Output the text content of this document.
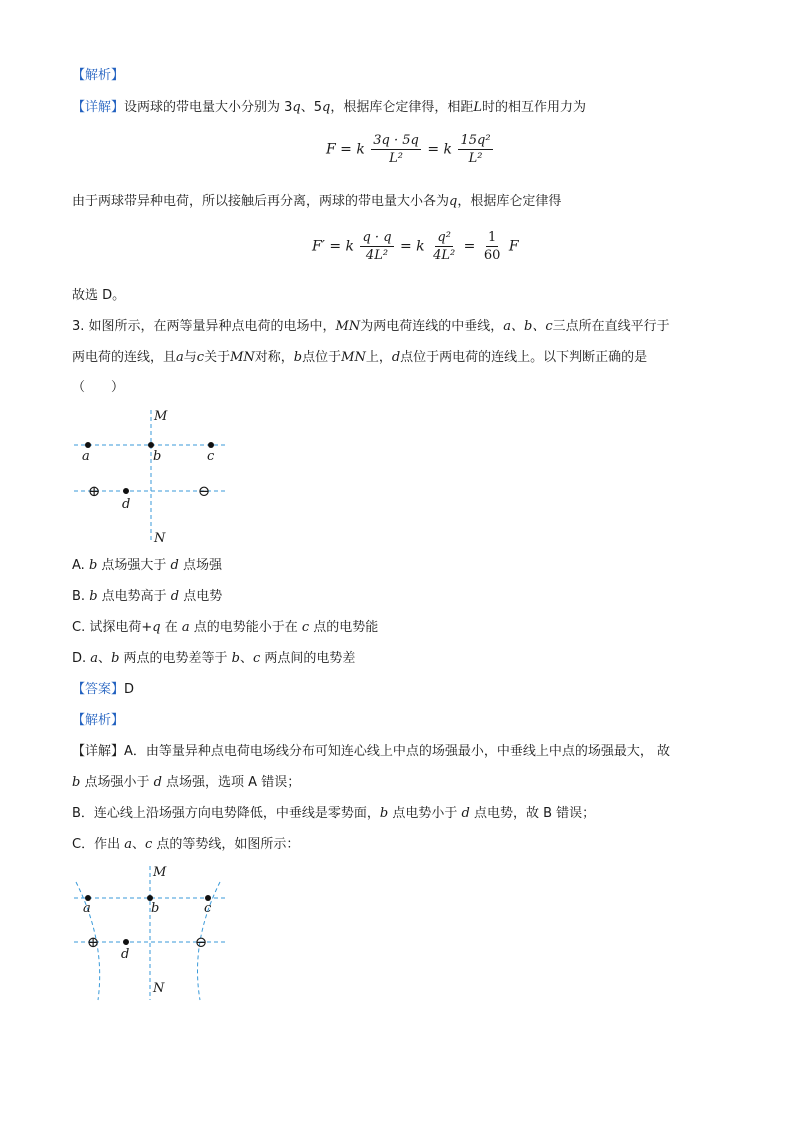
【解析】
【详解】设两球的带电量大小分别为 3q、5q，根据库仑定律得，相距L时的相互作用力为
F = k $\frac{3q \cdot 5q}{\text{L²}} = k \frac{\text{15q²}}{\text{L²}}$
由于两球带异种电荷，所以接触后再分离，两球的带电量大小各为q，根据库仑定律得
F′ = k $\frac{q \cdot q}{\text{4L²}} = k \frac{\text{q²}}{\text{4L²}} = \frac{1}{60}$ F
故选 D。
3. 如图所示，在两等量异种点电荷的电场中，MN为两电荷连线的中垂线，a、b、c三点所在直线平行于
两电荷的连线，且a与c关于MN对称，b点位于MN上，d点位于两电荷的连线上。以下判断正确的是
（　　）
⊕	⊖
M
N
a	b	c
d
A. b 点场强大于 d 点场强
B. b 点电势高于 d 点电势
C. 试探电荷+q 在 a 点的电势能小于在 c 点的电势能
D. a、b 两点的电势差等于 b、c 两点间的电势差
【答案】D
【解析】
【详解】A．由等量异种点电荷电场线分布可知连心线上中点的场强最小，中垂线上中点的场强最大， 故
b 点场强小于 d 点场强，选项 A 错误；
B．连心线上沿场强方向电势降低，中垂线是零势面，b 点电势小于 d 点电势，故 B 错误；
C．作出 a、c 点的等势线，如图所示：
⊕	⊖
M
N
a	b	c
d
